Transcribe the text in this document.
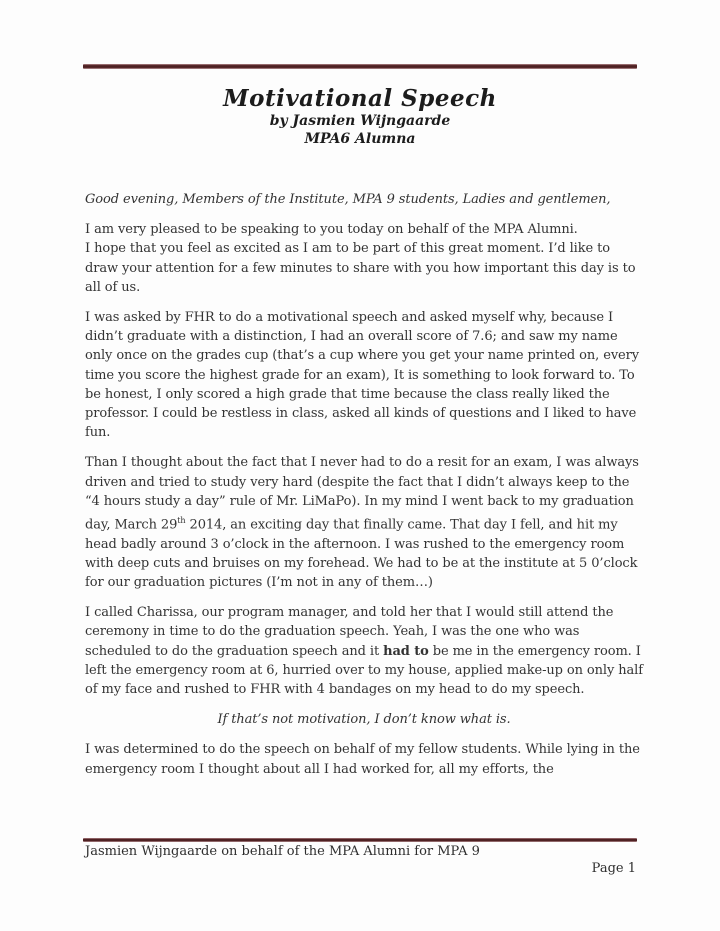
Motivational Speech
by Jasmien Wijngaarde
MPA6 Alumna

Good evening, Members of the Institute, MPA 9 students, Ladies and gentlemen,

I am very pleased to be speaking to you today on behalf of the MPA Alumni.
I hope that you feel as excited as I am to be part of this great moment. I’d like to draw your attention for a few minutes to share with you how important this day is to all of us.

I was asked by FHR to do a motivational speech and asked myself why, because I didn’t graduate with a distinction, I had an overall score of 7.6; and saw my name only once on the grades cup (that’s a cup where you get your name printed on, every time you score the highest grade for an exam), It is something to look forward to. To be honest, I only scored a high grade that time because the class really liked the professor. I could be restless in class, asked all kinds of questions and I liked to have fun.

Than I thought about the fact that I never had to do a resit for an exam, I was always driven and tried to study very hard (despite the fact that I didn’t always keep to the “4 hours study a day” rule of Mr. LiMaPo). In my mind I went back to my graduation day, March 29th 2014, an exciting day that finally came. That day I fell, and hit my head badly around 3 o’clock in the afternoon. I was rushed to the emergency room with deep cuts and bruises on my forehead. We had to be at the institute at 5 0’clock for our graduation pictures (I’m not in any of them…)

I called Charissa, our program manager, and told her that I would still attend the ceremony in time to do the graduation speech. Yeah, I was the one who was scheduled to do the graduation speech and it had to be me in the emergency room. I left the emergency room at 6, hurried over to my house, applied make-up on only half of my face and rushed to FHR with 4 bandages on my head to do my speech.

If that’s not motivation, I don’t know what is.

I was determined to do the speech on behalf of my fellow students. While lying in the emergency room I thought about all I had worked for, all my efforts, the

Jasmien Wijngaarde on behalf of the MPA Alumni for MPA 9
Page 1
